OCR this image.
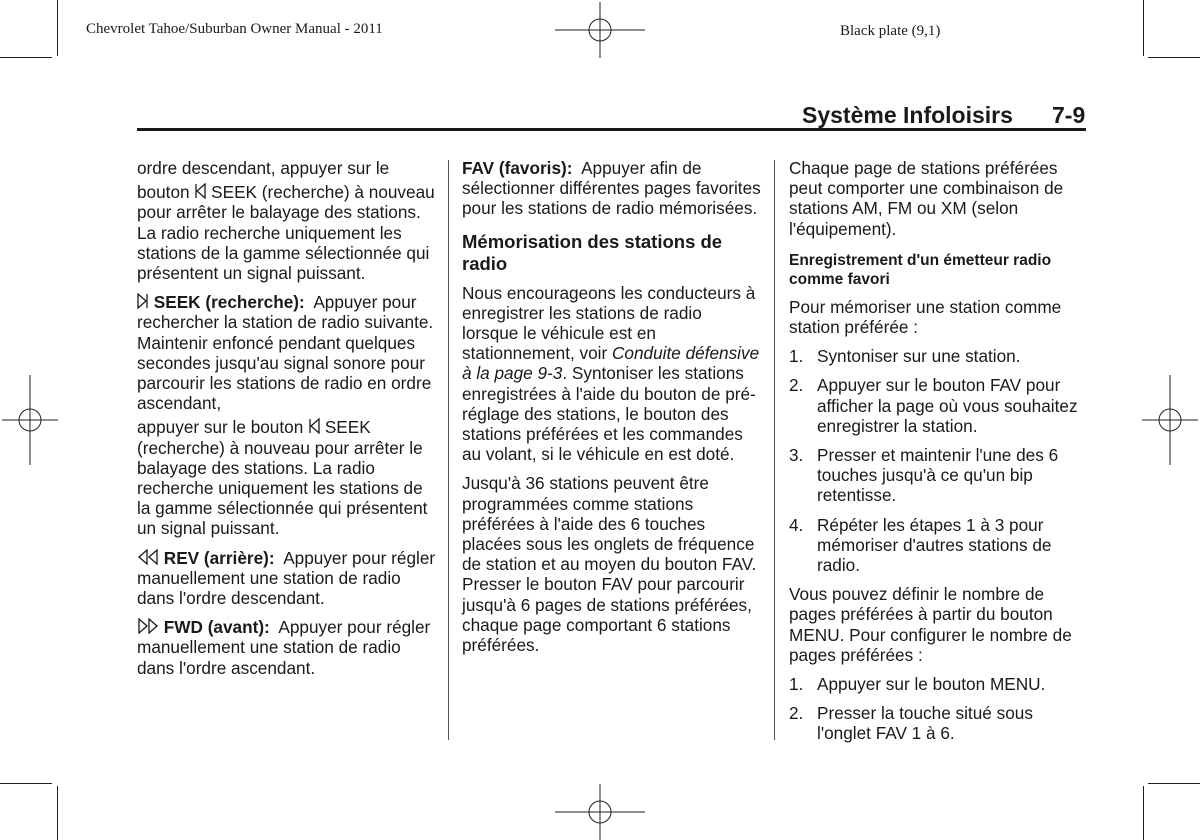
Chevrolet Tahoe/Suburban Owner Manual - 2011	Black plate (9,1)
Système Infoloisirs 7-9

ordre descendant, appuyer sur le

bouton SEEK (recherche) à nouveau pour arrêter le balayage des stations. La radio recherche uniquement les stations de la gamme sélectionnée qui présentent un signal puissant.

SEEK (recherche): Appuyer pour rechercher la station de radio suivante. Maintenir enfoncé pendant quelques secondes jusqu'au signal sonore pour parcourir les stations de radio en ordre ascendant,

appuyer sur le bouton SEEK (recherche) à nouveau pour arrêter le balayage des stations. La radio recherche uniquement les stations de la gamme sélectionnée qui présentent un signal puissant.

REV (arrière): Appuyer pour régler manuellement une station de radio dans l'ordre descendant.

FWD (avant): Appuyer pour régler manuellement une station de radio dans l'ordre ascendant.

FAV (favoris): Appuyer afin de sélectionner différentes pages favorites pour les stations de radio mémorisées.

Mémorisation des stations de radio

Nous encourageons les conducteurs à enregistrer les stations de radio lorsque le véhicule est en stationnement, voir Conduite défensive à la page 9-3. Syntoniser les stations enregistrées à l'aide du bouton de pré-réglage des stations, le bouton des stations préférées et les commandes au volant, si le véhicule en est doté.

Jusqu'à 36 stations peuvent être programmées comme stations préférées à l'aide des 6 touches placées sous les onglets de fréquence de station et au moyen du bouton FAV. Presser le bouton FAV pour parcourir jusqu'à 6 pages de stations préférées, chaque page comportant 6 stations préférées.

Chaque page de stations préférées peut comporter une combinaison de stations AM, FM ou XM (selon l'équipement).

Enregistrement d'un émetteur radio comme favori

Pour mémoriser une station comme station préférée :

1. Syntoniser sur une station.
2. Appuyer sur le bouton FAV pour afficher la page où vous souhaitez enregistrer la station.
3. Presser et maintenir l'une des 6 touches jusqu'à ce qu'un bip retentisse.
4. Répéter les étapes 1 à 3 pour mémoriser d'autres stations de radio.

Vous pouvez définir le nombre de pages préférées à partir du bouton MENU. Pour configurer le nombre de pages préférées :

1. Appuyer sur le bouton MENU.
2. Presser la touche situé sous l'onglet FAV 1 à 6.
